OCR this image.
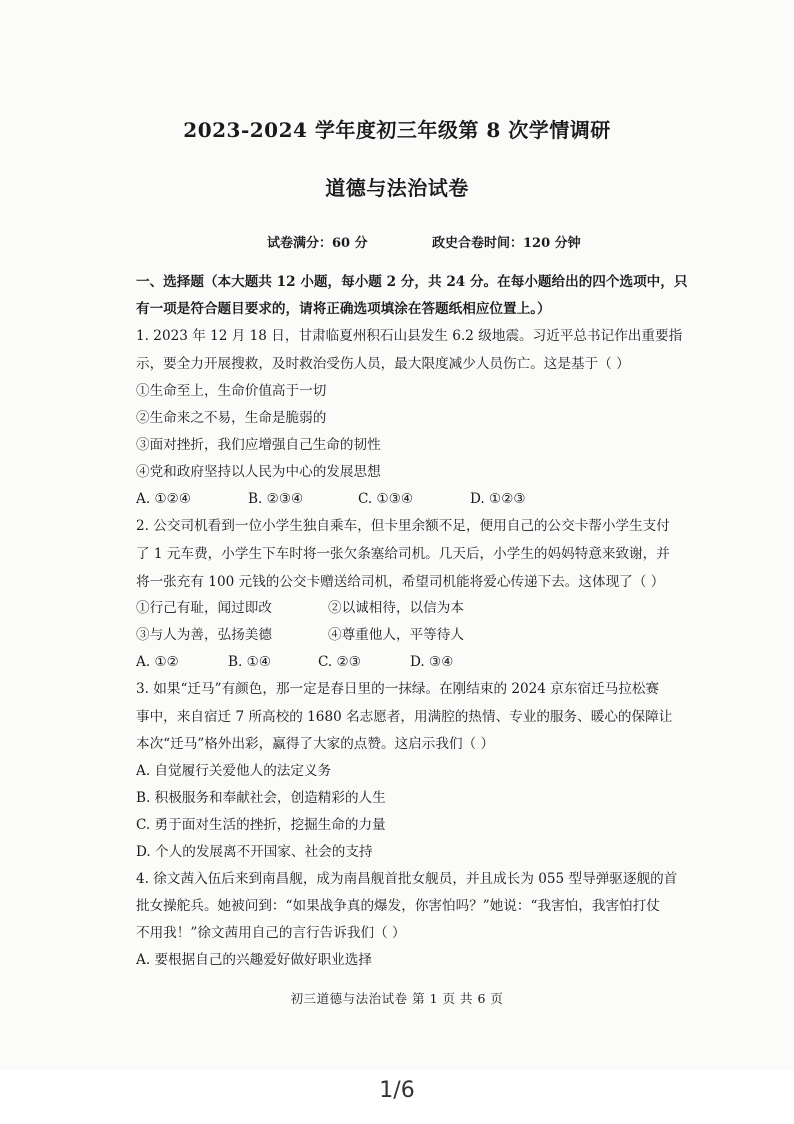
2023-2024 学年度初三年级第 8 次学情调研
道德与法治试卷
试卷满分：60 分	政史合卷时间：120 分钟
一、选择题（本大题共 12 小题，每小题 2 分，共 24 分。在每小题给出的四个选项中，只
有一项是符合题目要求的，请将正确选项填涂在答题纸相应位置上。）
1. 2023 年 12 月 18 日，甘肃临夏州积石山县发生 6.2 级地震。习近平总书记作出重要指
示，要全力开展搜救，及时救治受伤人员，最大限度减少人员伤亡。这是基于（ ）
①生命至上，生命价值高于一切
②生命来之不易，生命是脆弱的
③面对挫折，我们应增强自己生命的韧性
④党和政府坚持以人民为中心的发展思想
A. ①②④	B. ②③④	C. ①③④	D. ①②③
2. 公交司机看到一位小学生独自乘车，但卡里余额不足，便用自己的公交卡帮小学生支付
了 1 元车费，小学生下车时将一张欠条塞给司机。几天后，小学生的妈妈特意来致谢，并
将一张充有 100 元钱的公交卡赠送给司机，希望司机能将爱心传递下去。这体现了（ ）
①行己有耻，闻过即改	②以诚相待，以信为本
③与人为善，弘扬美德	④尊重他人，平等待人
A. ①②	B. ①④	C. ②③	D. ③④
3. 如果“迁马”有颜色，那一定是春日里的一抹绿。在刚结束的 2024 京东宿迁马拉松赛
事中，来自宿迁 7 所高校的 1680 名志愿者，用满腔的热情、专业的服务、暖心的保障让
本次“迁马”格外出彩，赢得了大家的点赞。这启示我们（ ）
A. 自觉履行关爱他人的法定义务
B. 积极服务和奉献社会，创造精彩的人生
C. 勇于面对生活的挫折，挖掘生命的力量
D. 个人的发展离不开国家、社会的支持
4. 徐文茜入伍后来到南昌舰，成为南昌舰首批女舰员，并且成长为 055 型导弹驱逐舰的首
批女操舵兵。她被问到：“如果战争真的爆发，你害怕吗？”她说：“我害怕，我害怕打仗
不用我！”徐文茜用自己的言行告诉我们（ ）
A. 要根据自己的兴趣爱好做好职业选择
初三道德与法治试卷 第 1 页 共 6 页
1/6
